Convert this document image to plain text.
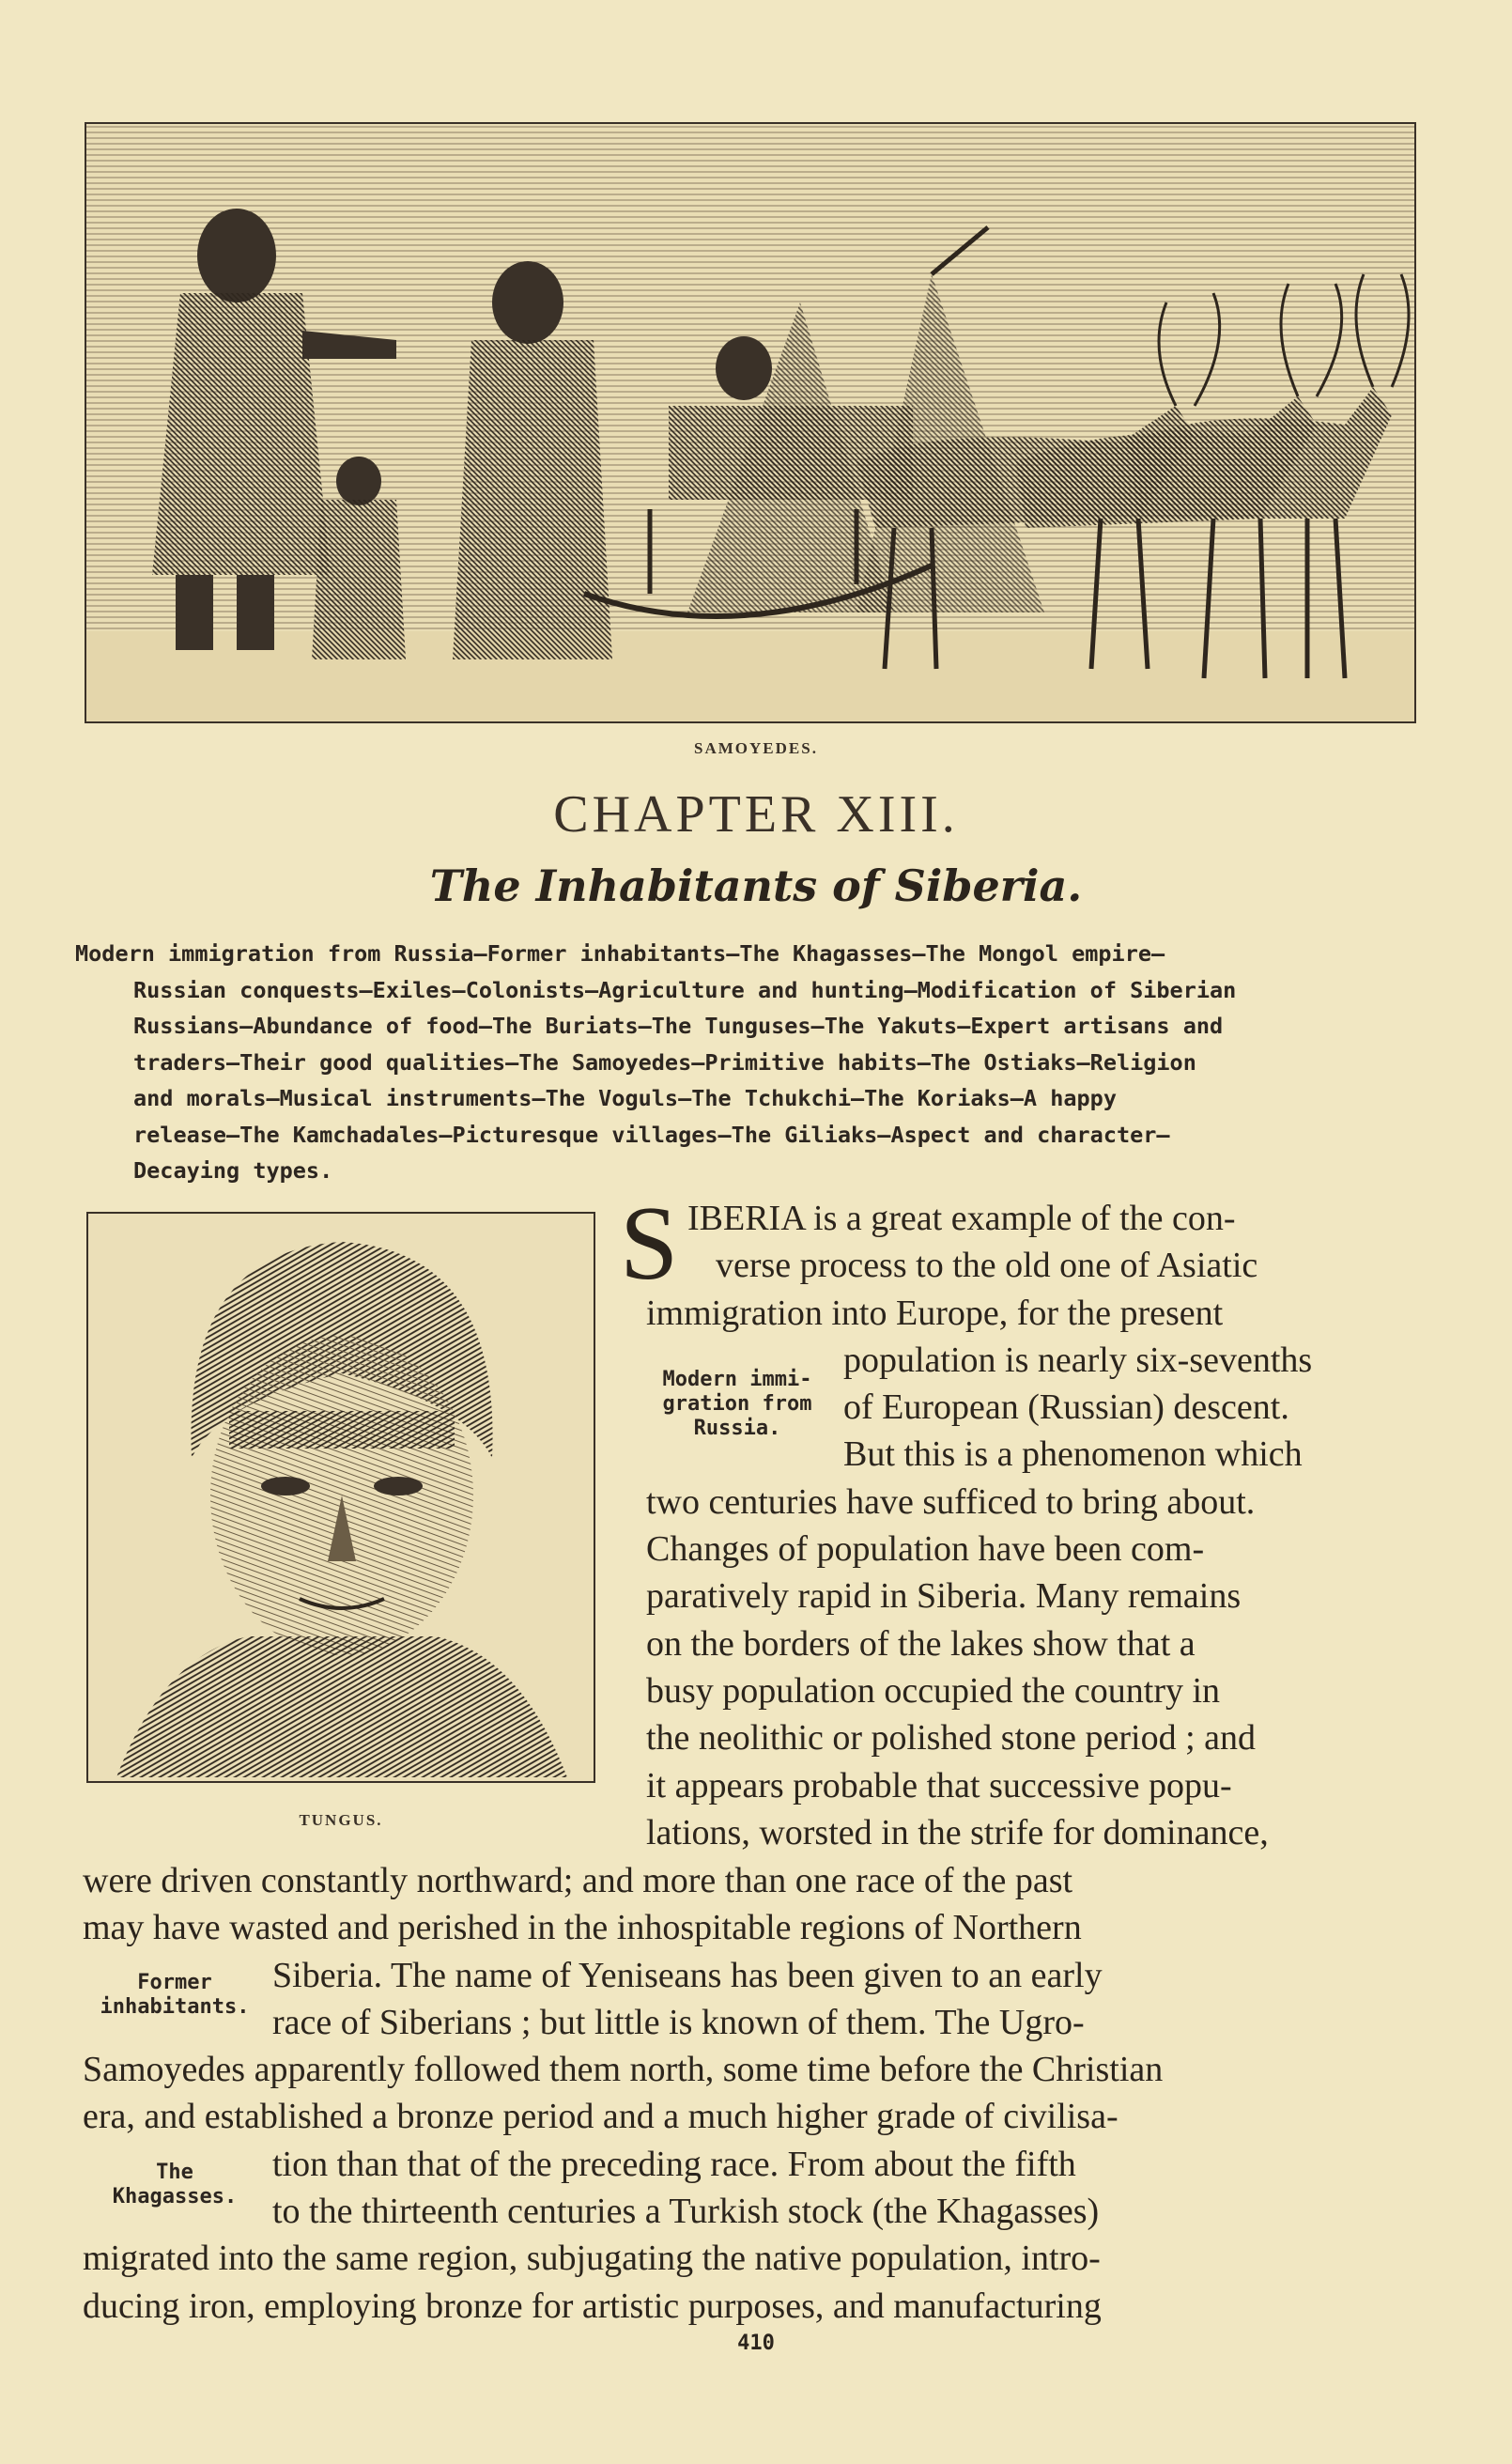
SAMOYEDES.
CHAPTER XIII.
The Inhabitants of Siberia.
Modern immigration from Russia—Former inhabitants—The Khagasses—The Mongol empire—
Russian conquests—Exiles—Colonists—Agriculture and hunting—Modification of Siberian
Russians—Abundance of food—The Buriats—The Tunguses—The Yakuts—Expert artisans and
traders—Their good qualities—The Samoyedes—Primitive habits—The Ostiaks—Religion
and morals—Musical instruments—The Voguls—The Tchukchi—The Koriaks—A happy
release—The Kamchadales—Picturesque villages—The Giliaks—Aspect and character—
Decaying types.
TUNGUS.
S IBERIA is a great example of the con-
verse process to the old one of Asiatic
immigration into Europe, for the present
population is nearly six-sevenths
of European (Russian) descent.
But this is a phenomenon which
two centuries have sufficed to bring about.
Changes of population have been com-
paratively rapid in Siberia. Many remains
on the borders of the lakes show that a
busy population occupied the country in
the neolithic or polished stone period ; and
it appears probable that successive popu-
lations, worsted in the strife for dominance,
Modern immi-
gration from
Russia.
were driven constantly northward; and more than one race of the past
may have wasted and perished in the inhospitable regions of Northern
Siberia. The name of Yeniseans has been given to an early
race of Siberians ; but little is known of them. The Ugro-
Samoyedes apparently followed them north, some time before the Christian
era, and established a bronze period and a much higher grade of civilisa-
tion than that of the preceding race. From about the fifth
to the thirteenth centuries a Turkish stock (the Khagasses)
migrated into the same region, subjugating the native population, intro-
ducing iron, employing bronze for artistic purposes, and manufacturing
Former
inhabitants.
The
Khagasses.
410
